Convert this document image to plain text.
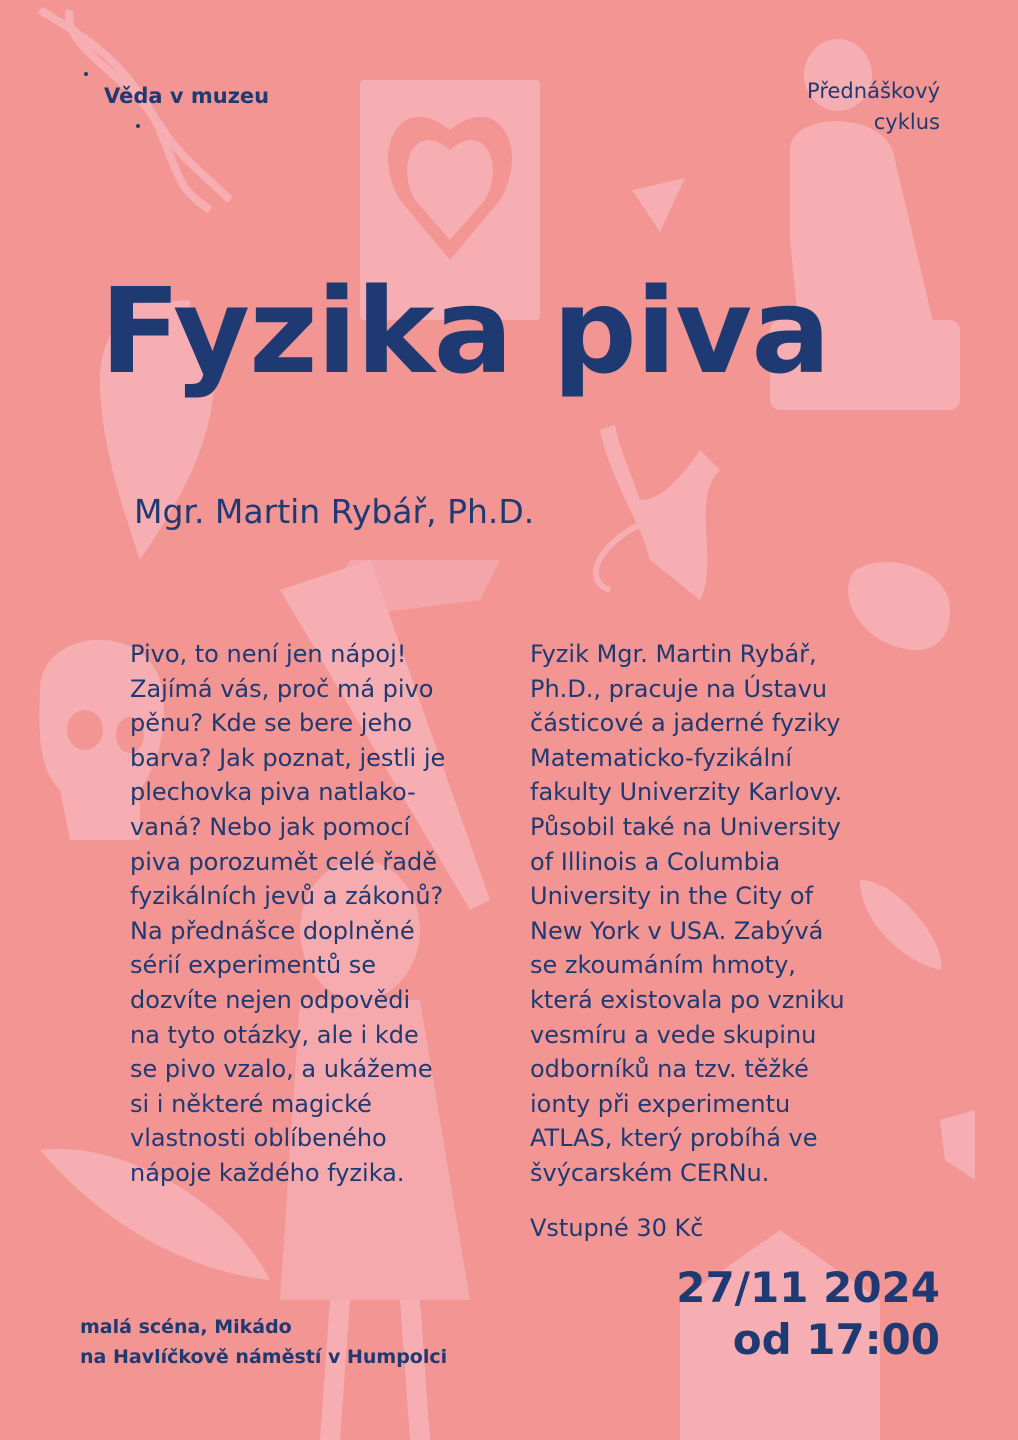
Věda v muzeu	Přednáškový
cyklus
Fyzika piva
Mgr. Martin Rybář, Ph.D.

Pivo, to není jen nápoj!

Zajímá vás, proč má pivo

pěnu? Kde se bere jeho

barva? Jak poznat, jestli je

plechovka piva natlako-

vaná? Nebo jak pomocí

piva porozumět celé řadě

fyzikálních jevů a zákonů?

Na přednášce doplněné

sérií experimentů se

dozvíte nejen odpovědi

na tyto otázky, ale i kde

se pivo vzalo, a ukážeme

si i některé magické

vlastnosti oblíbeného

nápoje každého fyzika.

Fyzik Mgr. Martin Rybář,

Ph.D., pracuje na Ústavu

částicové a jaderné fyziky

Matematicko-fyzikální

fakulty Univerzity Karlovy.

Působil také na University

of Illinois a Columbia

University in the City of

New York v USA. Zabývá

se zkoumáním hmoty,

která existovala po vzniku

vesmíru a vede skupinu

odborníků na tzv. těžké

ionty při experimentu

ATLAS, který probíhá ve

švýcarském CERNu.

Vstupné 30 Kč
malá scéna, Mikádo
na Havlíčkově náměstí v Humpolci
27/11 2024
od 17:00
